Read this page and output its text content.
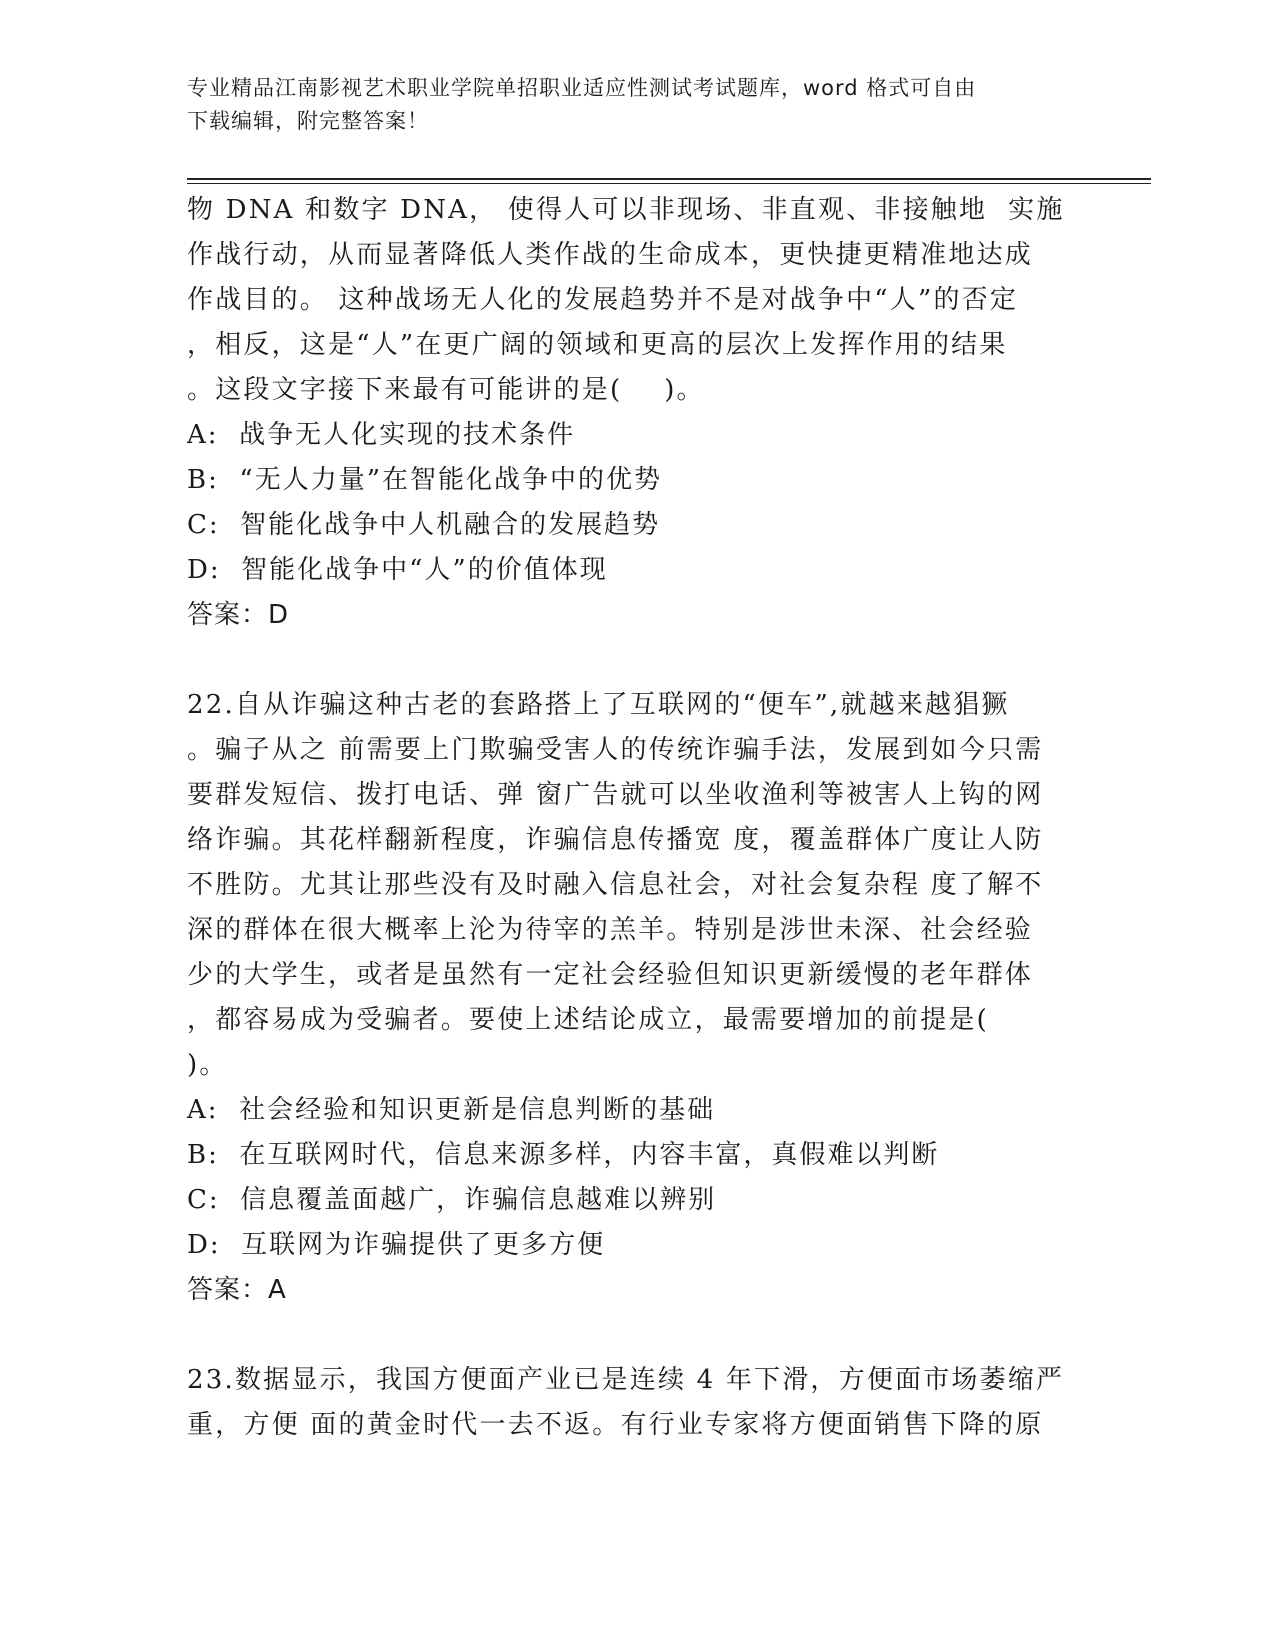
专业精品江南影视艺术职业学院单招职业适应性测试考试题库，word 格式可自由
下载编辑，附完整答案！
物 DNA 和数字 DNA， 使得人可以非现场、非直观、非接触地  实施
作战行动，从而显著降低人类作战的生命成本，更快捷更精准地达成
作战目的。 这种战场无人化的发展趋势并不是对战争中“人”的否定
，相反，这是“人”在更广阔的领域和更高的层次上发挥作用的结果
。这段文字接下来最有可能讲的是(    )。
A:  战争无人化实现的技术条件
B:  “无人力量”在智能化战争中的优势
C:  智能化战争中人机融合的发展趋势
D:  智能化战争中“人”的价值体现
答案：D
22.自从诈骗这种古老的套路搭上了互联网的“便车”,就越来越猖獗
。骗子从之 前需要上门欺骗受害人的传统诈骗手法，发展到如今只需
要群发短信、拨打电话、弹 窗广告就可以坐收渔利等被害人上钩的网
络诈骗。其花样翻新程度，诈骗信息传播宽 度，覆盖群体广度让人防
不胜防。尤其让那些没有及时融入信息社会，对社会复杂程 度了解不
深的群体在很大概率上沦为待宰的羔羊。特别是涉世未深、社会经验
少的大学生，或者是虽然有一定社会经验但知识更新缓慢的老年群体
，都容易成为受骗者。要使上述结论成立，最需要增加的前提是(
)。
A:  社会经验和知识更新是信息判断的基础
B:  在互联网时代，信息来源多样，内容丰富，真假难以判断
C:  信息覆盖面越广，诈骗信息越难以辨别
D:  互联网为诈骗提供了更多方便
答案：A
23.数据显示，我国方便面产业已是连续 4 年下滑，方便面市场萎缩严
重，方便 面的黄金时代一去不返。有行业专家将方便面销售下降的原
